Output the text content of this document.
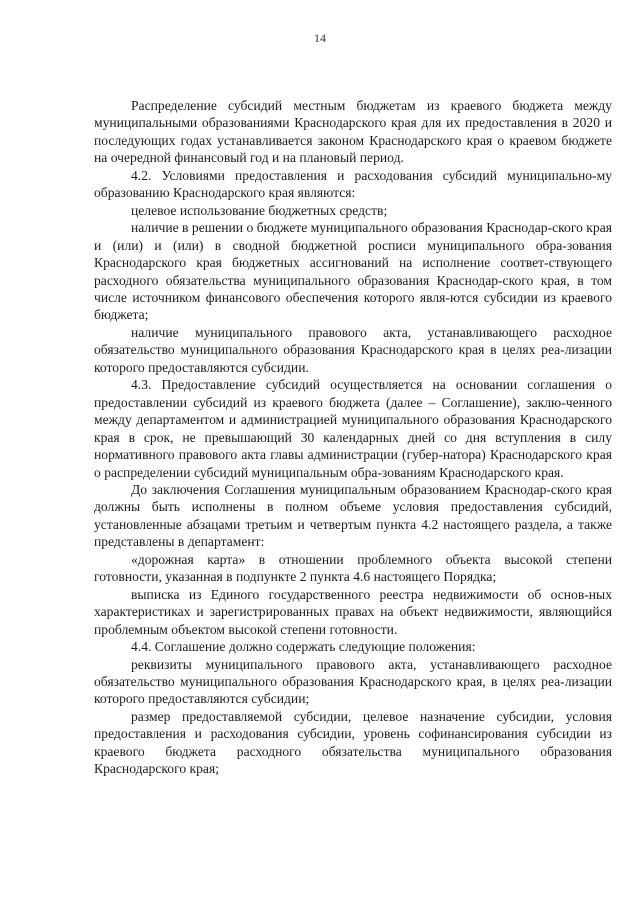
14

Распределение субсидий местным бюджетам из краевого бюджета между муниципальными образованиями Краснодарского края для их предоставления в 2020 и последующих годах устанавливается законом Краснодарского края о краевом бюджете на очередной финансовый год и на плановый период.

4.2. Условиями предоставления и расходования субсидий муниципально-му образованию Краснодарского края являются:

целевое использование бюджетных средств;

наличие в решении о бюджете муниципального образования Краснодар-ского края и (или) и (или) в сводной бюджетной росписи муниципального обра-зования Краснодарского края бюджетных ассигнований на исполнение соответ-ствующего расходного обязательства муниципального образования Краснодар-ского края, в том числе источником финансового обеспечения которого явля-ются субсидии из краевого бюджета;

наличие муниципального правового акта, устанавливающего расходное обязательство муниципального образования Краснодарского края в целях реа-лизации которого предоставляются субсидии.

4.3. Предоставление субсидий осуществляется на основании соглашения о предоставлении субсидий из краевого бюджета (далее – Соглашение), заклю-ченного между департаментом и администрацией муниципального образования Краснодарского края в срок, не превышающий 30 календарных дней со дня вступления в силу нормативного правового акта главы администрации (губер-натора) Краснодарского края о распределении субсидий муниципальным обра-зованиям Краснодарского края.

До заключения Соглашения муниципальным образованием Краснодар-ского края должны быть исполнены в полном объеме условия предоставления субсидий, установленные абзацами третьим и четвертым пункта 4.2 настоящего раздела, а также представлены в департамент:

«дорожная карта» в отношении проблемного объекта высокой степени готовности, указанная в подпункте 2 пункта 4.6 настоящего Порядка;

выписка из Единого государственного реестра недвижимости об основ-ных характеристиках и зарегистрированных правах на объект недвижимости, являющийся проблемным объектом высокой степени готовности.

4.4. Соглашение должно содержать следующие положения:

реквизиты муниципального правового акта, устанавливающего расходное обязательство муниципального образования Краснодарского края, в целях реа-лизации которого предоставляются субсидии;

размер предоставляемой субсидии, целевое назначение субсидии, условия предоставления и расходования субсидии, уровень софинансирования субсидии из краевого бюджета расходного обязательства муниципального образования Краснодарского края;
